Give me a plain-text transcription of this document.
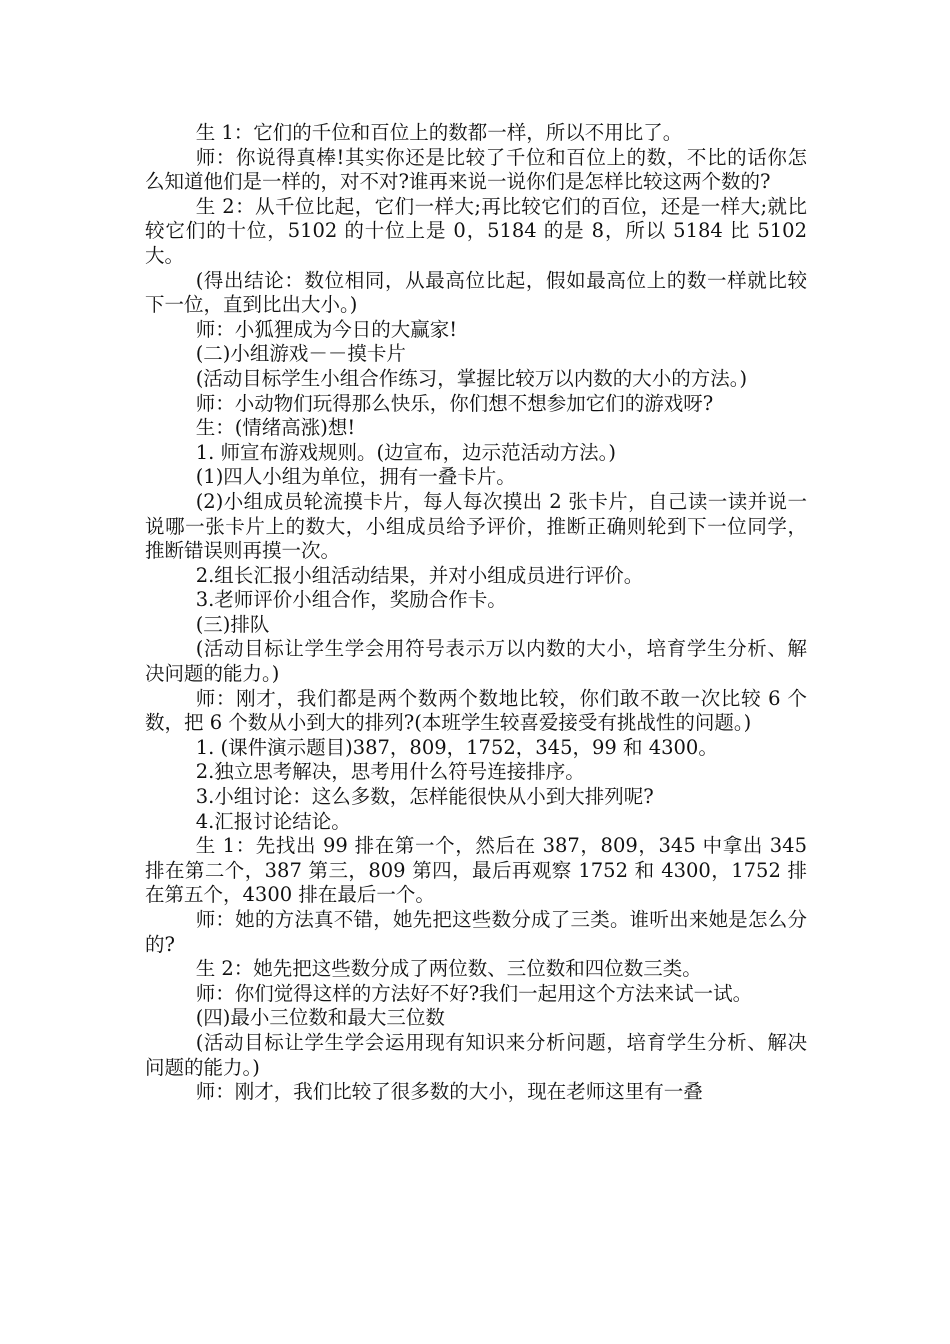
生 1：它们的千位和百位上的数都一样，所以不用比了。

师：你说得真棒!其实你还是比较了千位和百位上的数，不比的话你怎么知道他们是一样的，对不对?谁再来说一说你们是怎样比较这两个数的?

生 2：从千位比起，它们一样大;再比较它们的百位，还是一样大;就比较它们的十位，5102 的十位上是 0，5184 的是 8，所以 5184 比 5102 大。

(得出结论：数位相同，从最高位比起，假如最高位上的数一样就比较下一位，直到比出大小。)

师：小狐狸成为今日的大赢家!

(二)小组游戏－－摸卡片

(活动目标学生小组合作练习，掌握比较万以内数的大小的方法。)

师：小动物们玩得那么快乐，你们想不想参加它们的游戏呀?

生：(情绪高涨)想!

1. 师宣布游戏规则。(边宣布，边示范活动方法。)

(1)四人小组为单位，拥有一叠卡片。

(2)小组成员轮流摸卡片，每人每次摸出 2 张卡片，自己读一读并说一说哪一张卡片上的数大，小组成员给予评价，推断正确则轮到下一位同学，推断错误则再摸一次。

2.组长汇报小组活动结果，并对小组成员进行评价。

3.老师评价小组合作，奖励合作卡。

(三)排队

(活动目标让学生学会用符号表示万以内数的大小，培育学生分析、解决问题的能力。)

师：刚才，我们都是两个数两个数地比较，你们敢不敢一次比较 6 个数，把 6 个数从小到大的排列?(本班学生较喜爱接受有挑战性的问题。)

1. (课件演示题目)387，809，1752，345，99 和 4300。

2.独立思考解决，思考用什么符号连接排序。

3.小组讨论：这么多数，怎样能很快从小到大排列呢?

4.汇报讨论结论。

生 1：先找出 99 排在第一个，然后在 387，809，345 中拿出 345 排在第二个，387 第三，809 第四，最后再观察 1752 和 4300，1752 排在第五个，4300 排在最后一个。

师：她的方法真不错，她先把这些数分成了三类。谁听出来她是怎么分的?

生 2：她先把这些数分成了两位数、三位数和四位数三类。

师：你们觉得这样的方法好不好?我们一起用这个方法来试一试。

(四)最小三位数和最大三位数

(活动目标让学生学会运用现有知识来分析问题，培育学生分析、解决问题的能力。)

师：刚才，我们比较了很多数的大小，现在老师这里有一叠
